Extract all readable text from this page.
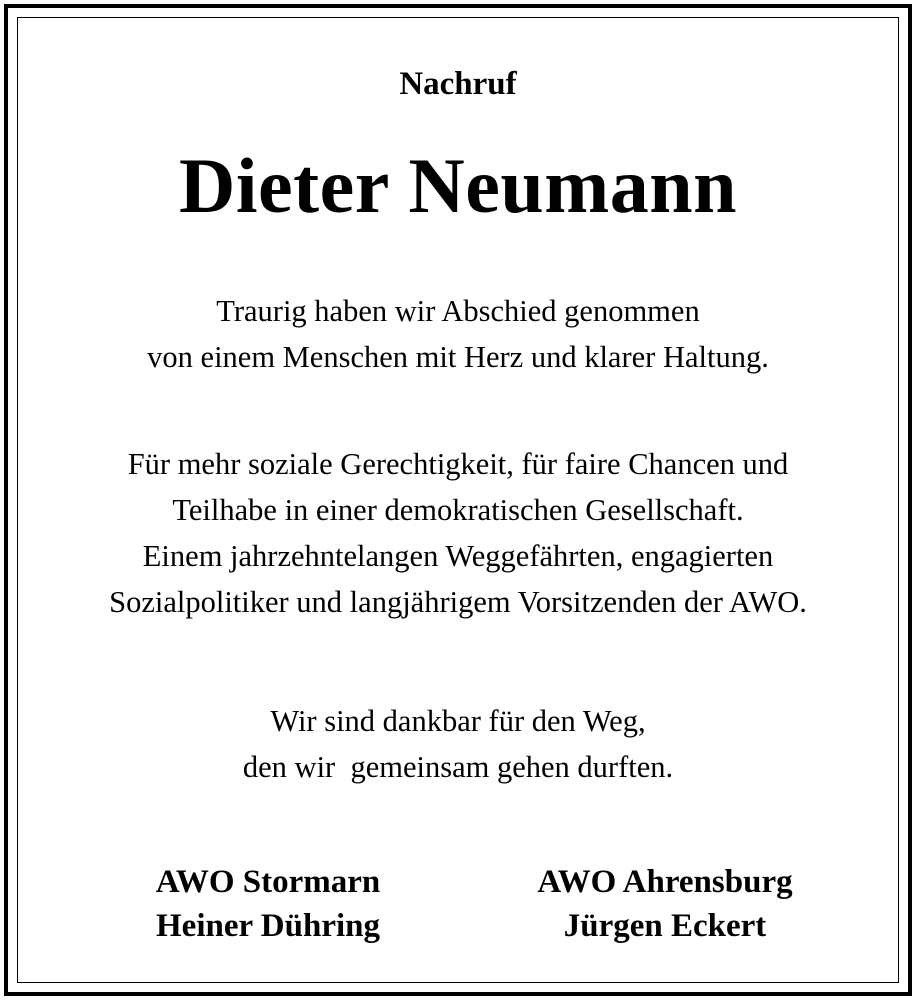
Nachruf
Dieter Neumann
Traurig haben wir Abschied genommen
von einem Menschen mit Herz und klarer Haltung.
Für mehr soziale Gerechtigkeit, für faire Chancen und
Teilhabe in einer demokratischen Gesellschaft.
Einem jahrzehntelangen Weggefährten, engagierten
Sozialpolitiker und langjährigem Vorsitzenden der AWO.
Wir sind dankbar für den Weg,
den wir  gemeinsam gehen durften.
AWO Stormarn
Heiner Dühring
AWO Ahrensburg
Jürgen Eckert
